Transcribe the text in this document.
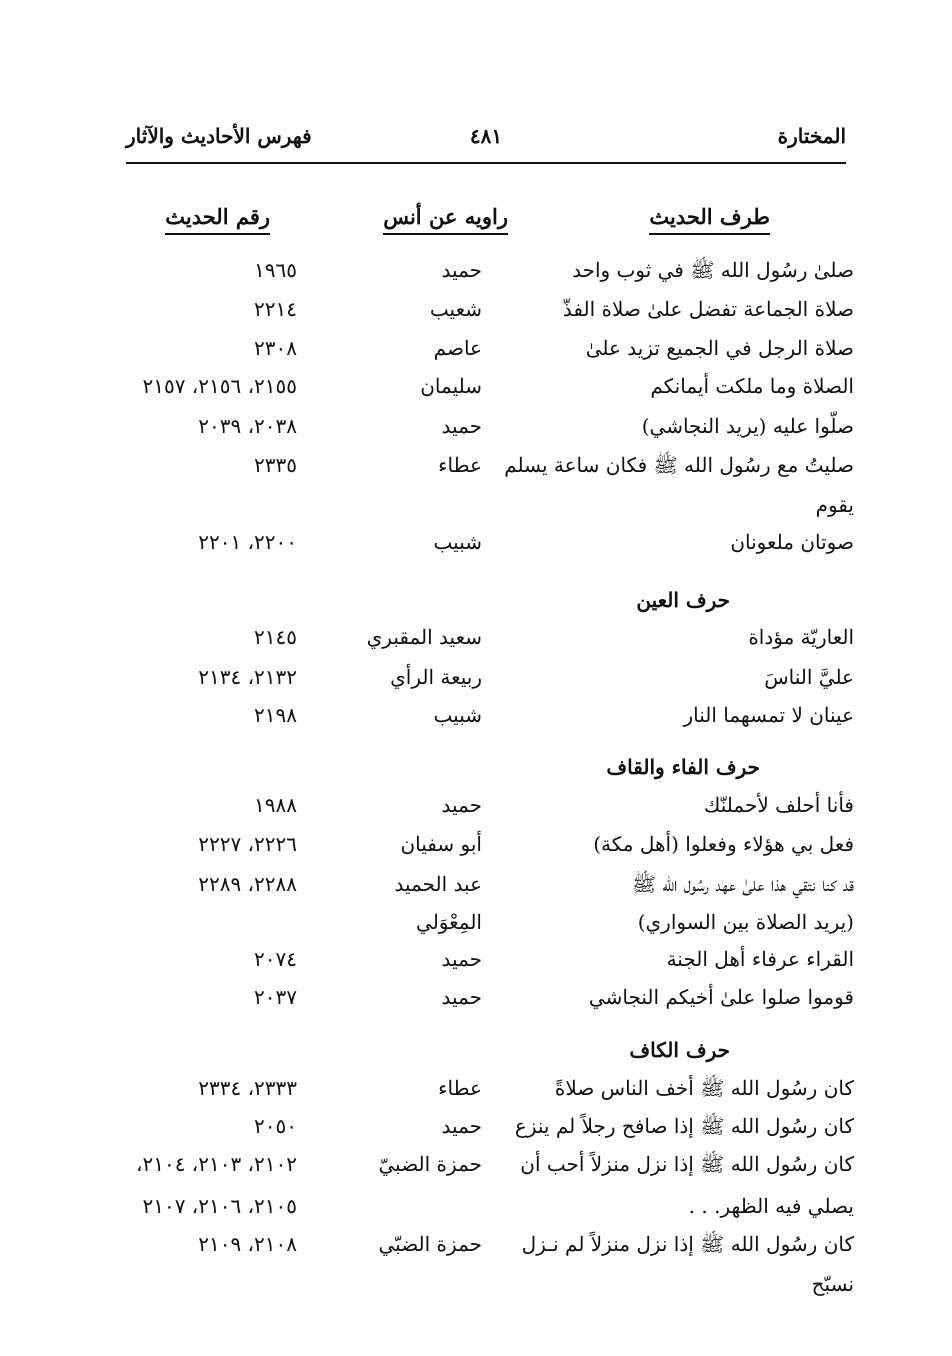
المختارة
٤٨١
فهرس الأحاديث والآثار
طرف الحديث
راويه عن أنس
رقم الحديث
صلىٰ رسُول الله ﷺ في ثوب واحد
حميد
١٩٦٥
صلاة الجماعة تفضل علىٰ صلاة الفذّ
شعيب
٢٢١٤
صلاة الرجل في الجميع تزيد علىٰ
عاصم
٢٣٠٨
الصلاة وما ملكت أيمانكم
سليمان
٢١٥٥، ٢١٥٦، ٢١٥٧
صلّوا عليه (يريد النجاشي)
حميد
٢٠٣٨، ٢٠٣٩
صليتُ مع رسُول الله ﷺ فكان ساعة يسلم
عطاء
٢٣٣٥
يقوم
صوتان ملعونان
شبيب
٢٢٠٠، ٢٢٠١
حرف العين
العاريّة مؤداة
سعيد المقبري
٢١٤٥
عليَّ الناسَ
ربيعة الرأي
٢١٣٢، ٢١٣٤
عينان لا تمسهما النار
شبيب
٢١٩٨
حرف الفاء والقاف
فأنا أحلف لأحملنّك
حميد
١٩٨٨
فعل بي هؤلاء وفعلوا (أهل مكة)
أبو سفيان
٢٢٢٦، ٢٢٢٧
قد كنا نتقي هذا علىٰ عهد رسُول الله ﷺ
عبد الحميد
٢٢٨٨، ٢٢٨٩
(يريد الصلاة بين السواري)
المِعْوَلي
القراء عرفاء أهل الجنة
حميد
٢٠٧٤
قوموا صلوا علىٰ أخيكم النجاشي
حميد
٢٠٣٧
حرف الكاف
كان رسُول الله ﷺ أخف الناس صلاةً
عطاء
٢٣٣٣، ٢٣٣٤
كان رسُول الله ﷺ إذا صافح رجلاً لم ينزع
حميد
٢٠٥٠
كان رسُول الله ﷺ إذا نزل منزلاً أحب أن
حمزة الضبيّ
٢١٠٢، ٢١٠٣، ٢١٠٤،
يصلي فيه الظهر. . .
٢١٠٥، ٢١٠٦، ٢١٠٧
كان رسُول الله ﷺ إذا نزل منزلاً لم نـزل
حمزة الضبّي
٢١٠٨، ٢١٠٩
نسبّح
